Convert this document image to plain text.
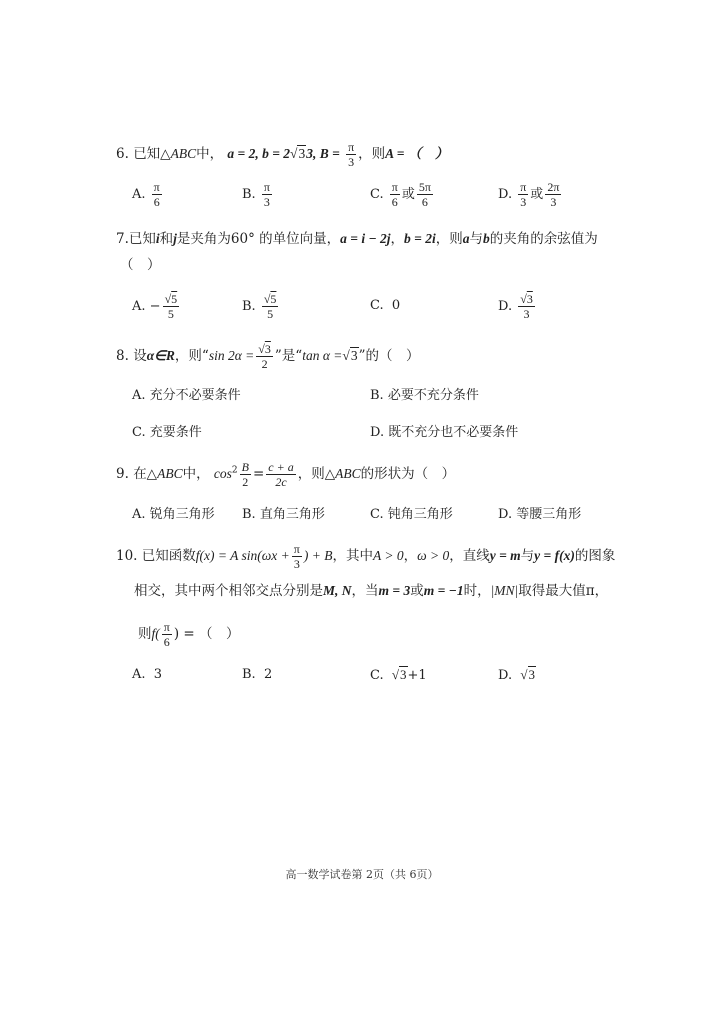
6. 已知△ABC中， a = 2, b = 2√33, $B = \frac{\pi}{3}$ ，则A = （　）
A. $\frac{\pi}{6}$	B. $\frac{\pi}{3}$	C. $\frac{\pi}{6}$ 或 $\frac{5\pi}{6}$	D. $\frac{\pi}{3}$ 或 $\frac{2\pi}{3}$
7.已知i和j是夹角为60° 的单位向量，a = i − 2j，b = 2i，则a与b的夹角的余弦值为
（　）
A. − $\frac{√5}{5}$	B. $\frac{√5}{5}$	C. 0	D. $\frac{√3}{3}$
8. 设α∈R，则“sin $2\alpha = \frac{√3}{2}$ ”是“tan α =√3”的（　）
A. 充分不必要条件	B. 必要不充分条件
C. 充要条件	D. 既不充分也不必要条件
9. 在△ABC中， $\cos^2 \frac{B}{2} = \frac{c + a}{2c}$ ，则△ABC的形状为（　）
A. 锐角三角形 B. 直角三角形	C. 钝角三角形	D. 等腰三角形
10. 已知函数f(x) = A $\sin(\omega x + \frac{\pi}{3}$ ) + B，其中A > 0，ω > 0，直线y = m与y = f(x)的图象
相交，其中两个相邻交点分别是M, N，当m = 3或m = −1时，|MN|取得最大值π，
则$f( \frac{\pi}{6}$ ) = （　）
A. 3	B. 2	C. √3+1	D. √3
高一数学试卷第 2页（共 6页）
